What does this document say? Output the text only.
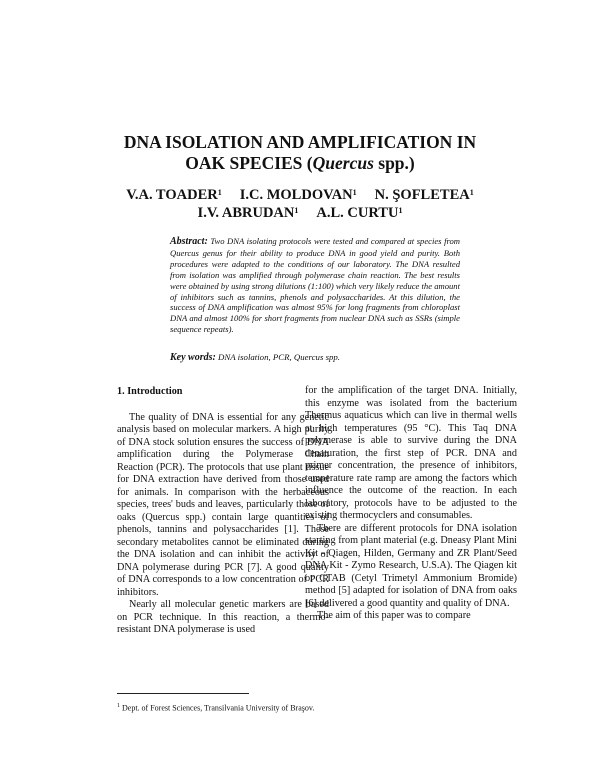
DNA ISOLATION AND AMPLIFICATION IN
OAK SPECIES (Quercus spp.)
V.A. TOADER$^1$ I.C. MOLDOVAN$^1$ N. ŞOFLETEA$^1$
I.V. ABRUDAN$^1$ A.L. CURTU$^1$
Abstract: Two DNA isolating protocols were tested and compared at species from Quercus genus for their ability to produce DNA in good yield and purity. Both procedures were adapted to the conditions of our laboratory. The DNA resulted from isolation was amplified through polymerase chain reaction. The best results were obtained by using strong dilutions (1:100) which very likely reduce the amount of inhibitors such as tannins, phenols and polysaccharides. At this dilution, the success of DNA amplification was almost 95% for long fragments from chloroplast DNA and almost 100% for short fragments from nuclear DNA such as SSRs (simple sequence repeats).
Key words: DNA isolation, PCR, Quercus spp.
1. Introduction

The quality of DNA is essential for any genetic analysis based on molecular markers. A high purity of DNA stock solution ensures the success of DNA amplification during the Polymerase Chain Reaction (PCR). The protocols that use plant tissue for DNA extraction have derived from those used for animals. In comparison with the herbaceous species, trees' buds and leaves, particularly those of oaks (Quercus spp.) contain large quantities of phenols, tannins and polysaccharides [1]. These secondary metabolites cannot be eliminated during the DNA isolation and can inhibit the activity of DNA polymerase during PCR [7]. A good quality of DNA corresponds to a low concentration of PCR inhibitors.

Nearly all molecular genetic markers are based on PCR technique. In this reaction, a thermo-resistant DNA polymerase is used

for the amplification of the target DNA. Initially, this enzyme was isolated from the bacterium Thermus aquaticus which can live in thermal wells at high temperatures (95 °C). This Taq DNA polymerase is able to survive during the DNA denaturation, the first step of PCR. DNA and primer concentration, the presence of inhibitors, temperature rate ramp are among the factors which influence the outcome of the reaction. In each laboratory, protocols have to be adjusted to the existing thermocyclers and consumables.

There are different protocols for DNA isolation starting from plant material (e.g. Dneasy Plant Mini Kit - Qiagen, Hilden, Germany and ZR Plant/Seed DNA Kit - Zymo Research, U.S.A). The Qiagen kit or CTAB (Cetyl Trimetyl Ammonium Bromide) method [5] adapted for isolation of DNA from oaks [6] delivered a good quantity and quality of DNA.

The aim of this paper was to compare

$^1$ Dept. of Forest Sciences, Transilvania University of Braşov.
